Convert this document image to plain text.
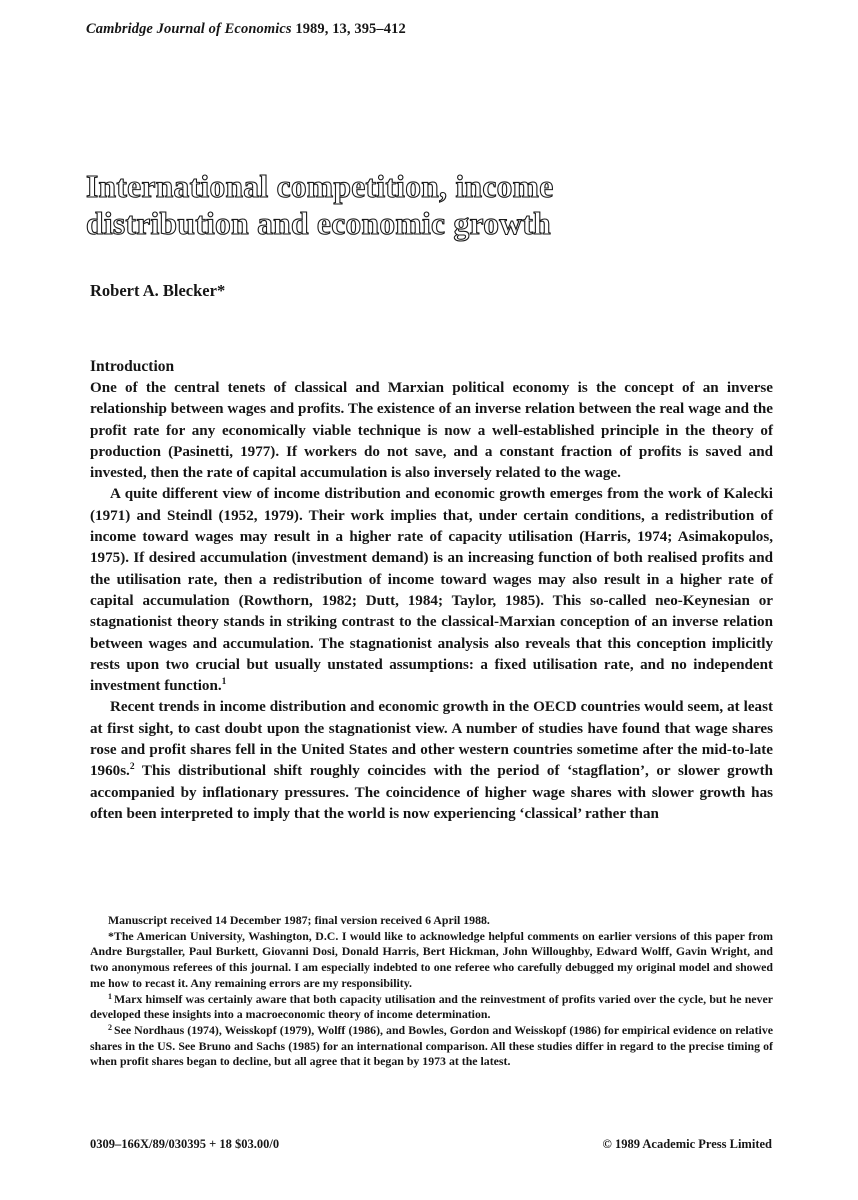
Cambridge Journal of Economics 1989, 13, 395–412
International competition, income
distribution and economic growth
Robert A. Blecker*
Introduction

One of the central tenets of classical and Marxian political economy is the concept of an inverse relationship between wages and profits. The existence of an inverse relation between the real wage and the profit rate for any economically viable technique is now a well-established principle in the theory of production (Pasinetti, 1977). If workers do not save, and a constant fraction of profits is saved and invested, then the rate of capital accumulation is also inversely related to the wage.

A quite different view of income distribution and economic growth emerges from the work of Kalecki (1971) and Steindl (1952, 1979). Their work implies that, under certain conditions, a redistribution of income toward wages may result in a higher rate of capacity utilisation (Harris, 1974; Asimakopulos, 1975). If desired accumulation (investment demand) is an increasing function of both realised profits and the utilisation rate, then a redistribution of income toward wages may also result in a higher rate of capital accumulation (Rowthorn, 1982; Dutt, 1984; Taylor, 1985). This so-called neo-Keynesian or stagnationist theory stands in striking contrast to the classical-Marxian conception of an inverse relation between wages and accumulation. The stagnationist analysis also reveals that this conception implicitly rests upon two crucial but usually unstated assumptions: a fixed utilisation rate, and no independent investment function.$^1$

Recent trends in income distribution and economic growth in the OECD countries would seem, at least at first sight, to cast doubt upon the stagnationist view. A number of studies have found that wage shares rose and profit shares fell in the United States and other western countries sometime after the mid-to-late 1960s.$^2$ This distributional shift roughly coincides with the period of ‘stagflation’, or slower growth accompanied by inflationary pressures. The coincidence of higher wage shares with slower growth has often been interpreted to imply that the world is now experiencing ‘classical’ rather than

Manuscript received 14 December 1987; final version received 6 April 1988.

*The American University, Washington, D.C. I would like to acknowledge helpful comments on earlier versions of this paper from Andre Burgstaller, Paul Burkett, Giovanni Dosi, Donald Harris, Bert Hickman, John Willoughby, Edward Wolff, Gavin Wright, and two anonymous referees of this journal. I am especially indebted to one referee who carefully debugged my original model and showed me how to recast it. Any remaining errors are my responsibility.

$^1$ Marx himself was certainly aware that both capacity utilisation and the reinvestment of profits varied over the cycle, but he never developed these insights into a macroeconomic theory of income determination.

$^2$ See Nordhaus (1974), Weisskopf (1979), Wolff (1986), and Bowles, Gordon and Weisskopf (1986) for empirical evidence on relative shares in the US. See Bruno and Sachs (1985) for an international comparison. All these studies differ in regard to the precise timing of when profit shares began to decline, but all agree that it began by 1973 at the latest.

0309–166X/89/030395 + 18 $03.00/0	© 1989 Academic Press Limited
